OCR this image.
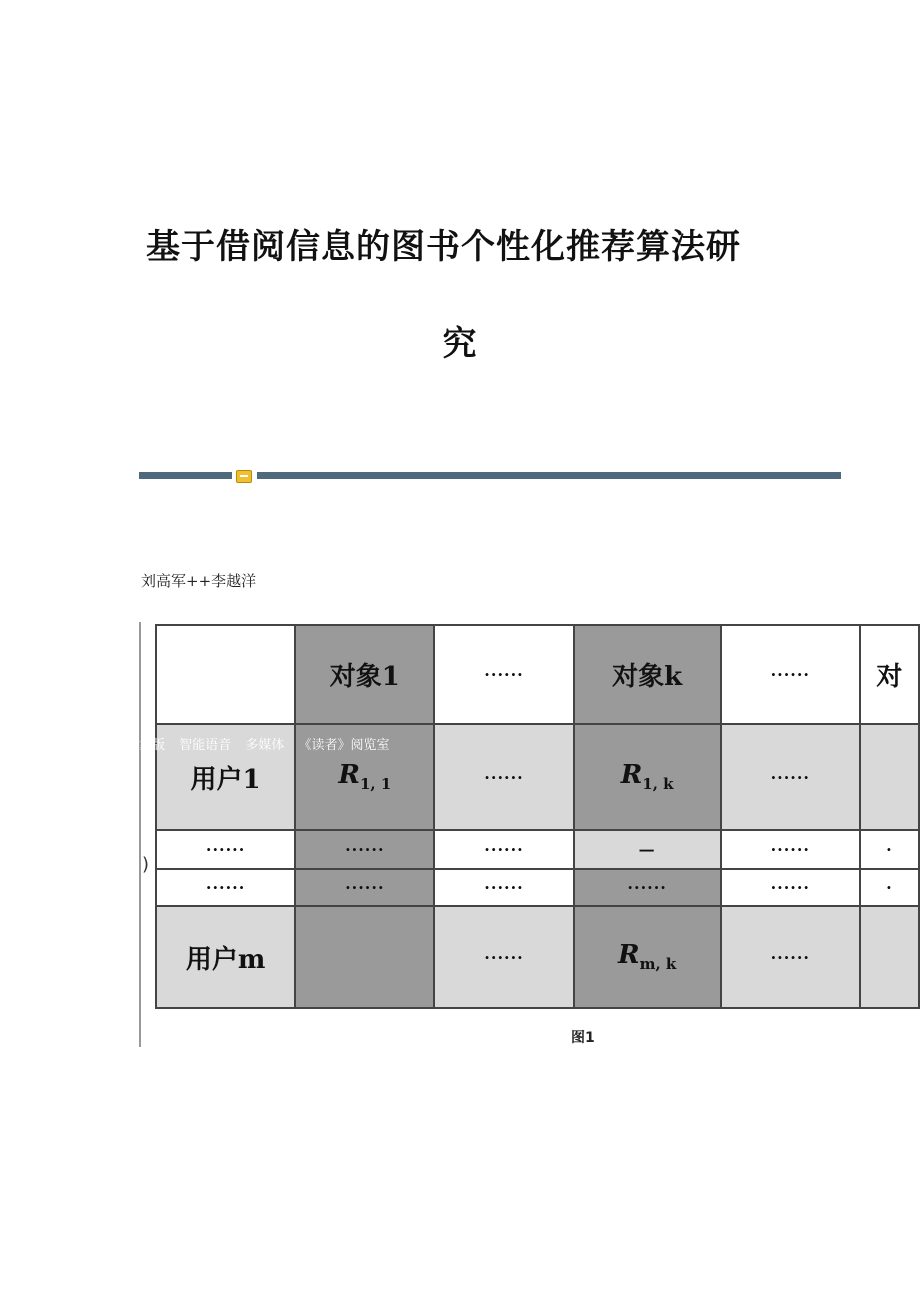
基于借阅信息的图书个性化推荐算法研
究
刘高军++李越洋
)
象版 智能语音 多媒体 《读者》阅览室
	对象1	······	对象k	······	对
用户1	$R_{1, 1}$	······	$R_{1, k}$	······	
······	······	······	—	······	·
······	······	······	······	······	·
用户m		······	$R_{m, k}$	······	
图1
